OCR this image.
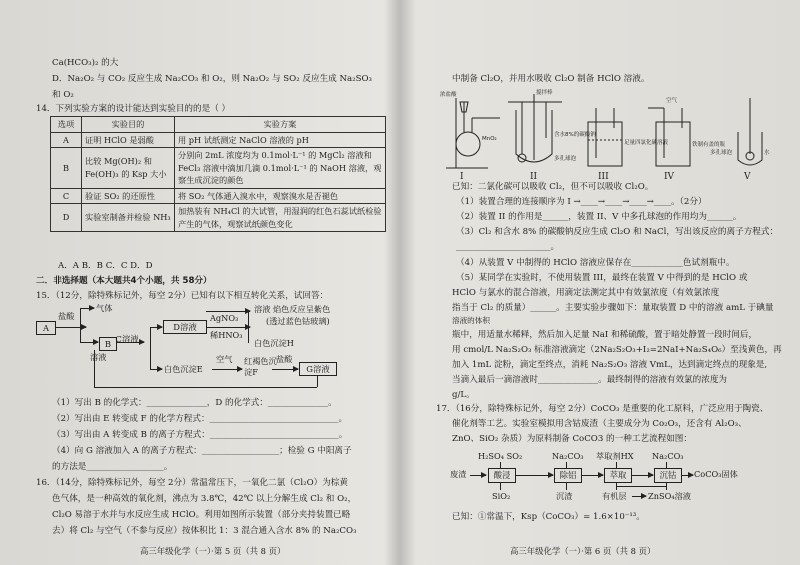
Ca(HCO₃)₂ 的大
D．Na₂O₂ 与 CO₂ 反应生成 Na₂CO₃ 和 O₂，则 Na₂O₂ 与 SO₂ 反应生成 Na₂SO₃
和 O₂
14．下列实验方案的设计能达到实验目的的是（ ）
选项	实验目的	实验方案
A	证明 HClO 是弱酸	用 pH 试纸测定 NaClO 溶液的 pH
B	比较 Mg(OH)₂ 和 Fe(OH)₃ 的 Ksp 大小	分别向 2mL 浓度均为 0.1mol·L⁻¹ 的 MgCl₂ 溶液和 FeCl₃ 溶液中滴加几滴 0.1mol·L⁻¹ 的 NaOH 溶液，观察生成沉淀的颜色
C	验证 SO₂ 的还原性	将 SO₂ 气体通入溴水中，观察溴水是否褪色
D	实验室制备并检验 NH₃	加热装有 NH₄Cl 的大试管，用湿润的红色石蕊试纸检验产生的气体，观察试纸颜色变化
A．A B．B C．C D．D
二．非选择题（本大题共4个小题，共 58分）
15．（12分，除特殊标记外，每空 2分）已知有以下相互转化关系，试回答：
A
盐酸
气体
B
溶液
C溶液
D溶液
AgNO₃
稀HNO₃
溶液 焰色反应呈紫色
(透过蓝色钴玻璃)
白色沉淀H
白色沉淀E
空气 红褐色沉淀F
盐酸
G溶液
（1）写出 B 的化学式：______________，D 的化学式：______________。
（2）写出由 E 转变成 F 的化学方程式：______________________________。
（3）写出由 A 转变成 B 的离子方程式：______________________________。
（4）向 G 溶液加入 A 的离子方程式：__________________；检验 G 中阳离子
的方法是__________________。
16．（14分，除特殊标记外，每空 2分）常温常压下，一氧化二氯（Cl₂O）为棕黄
色气体，是一种高效的氧化剂，沸点为 3.8℃，42℃ 以上分解生成 Cl₂ 和 O₂，
Cl₂O 易溶于水并与水反应生成 HClO。利用如图所示装置（部分夹持装置已略
去）将 Cl₂ 与空气（不参与反应）按体积比 1：3 混合通入含水 8% 的 Na₂CO₃
高三年级化学（一）·第 5 页（共 8 页）
中制备 Cl₂O，并用水吸收 Cl₂O 制备 HClO 溶液。
浓盐酸
MnO₂
搅拌棒
含水8%的碳酸钠
多孔球泡
足量四氯化碳溶液
空气
铁制有盖的瓶
多孔球泡	水
I	II	III	IV	V
已知：二氯化碳可以吸收 Cl₂，但不可以吸收 Cl₂O。
（1）装置合理的连接顺序为 I →____→____→____→____。（2分）
（2）装置 II 的作用是______，装置 II、V 中多孔球泡的作用均为______。
（3）Cl₂ 和含水 8% 的碳酸钠反应生成 Cl₂O 和 NaCl，写出该反应的离子方程式：
______________________。
（4）从装置 V 中制得的 HClO 溶液应保存在____________色试剂瓶中。
（5）某同学在实验时，不使用装置 III，最终在装置 V 中得到的是 HClO 或
HClO 与氯水的混合溶液，用滴定法测定其中有效氯浓度（有效氯浓度
指当于 Cl₂ 的质量）______。主要实验步骤如下：量取装置 D 中的溶液 amL 于碘量
溶液的体积
瓶中，用适量水稀释，然后加入足量 NaI 和稀硫酸，置于暗处静置一段时间后，
用 cmol/L Na₂S₂O₃ 标准溶液滴定（2Na₂S₂O₃+I₂=2NaI+Na₂S₄O₆）至浅黄色，再
加入 1mL 淀粉，滴定至终点，消耗 Na₂S₂O₃ 溶液 VmL，达到滴定终点的现象是,
当滴入最后一滴溶液时______________。最终制得的溶液有效氯的浓度为
g/L。
17．（16分，除特殊标记外，每空 2分）CoCO₃ 是重要的化工原料，广泛应用于陶瓷、
催化剂等工艺。实验室模拟用含钴废渣（主要成分为 Co₂O₃，还含有 Al₂O₃、
ZnO、SiO₂ 杂质）为原料制备 CoCO3 的一种工艺流程如图：
H₂SO₄ SO₂	Na₂CO₃ 萃取剂HX Na₂CO₃
废渣	酸浸	除铝	萃取	沉钴	CoCO₃固体
SiO₂	沉渣	有机层	ZnSO₄溶液
已知：①常温下，Ksp（CoCO₃）= 1.6×10⁻¹³。
高三年级化学（一）·第 6 页（共 8 页）
